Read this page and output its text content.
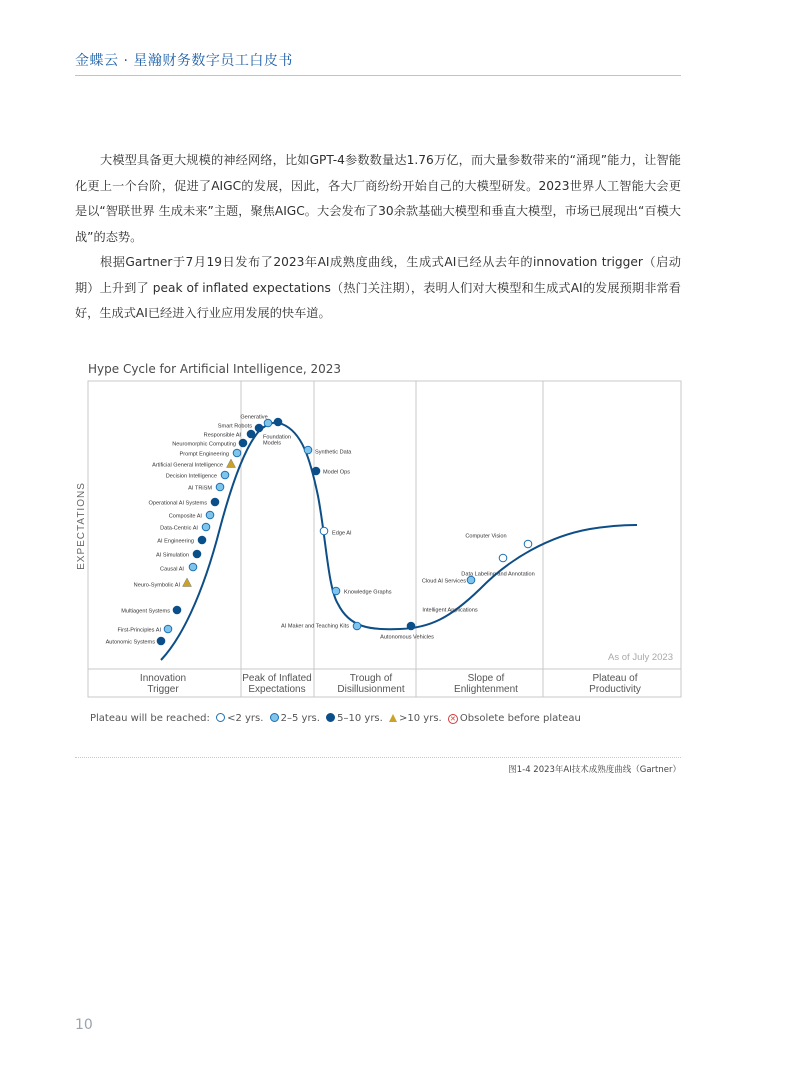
金蝶云 · 星瀚财务数字员工白皮书

大模型具备更大规模的神经网络，比如GPT-4参数数量达1.76万亿，而大量参数带来的“涌现”能力，让智能化更上一个台阶，促进了AIGC的发展，因此，各大厂商纷纷开始自己的大模型研发。2023世界人工智能大会更是以“智联世界 生成未来”主题，聚焦AIGC。大会发布了30余款基础大模型和垂直大模型，市场已展现出“百模大战”的态势。

根据Gartner于7月19日发布了2023年AI成熟度曲线，生成式AI已经从去年的innovation trigger（启动期）上升到了 peak of inflated expectations（热门关注期），表明人们对大模型和生成式AI的发展预期非常看好，生成式AI已经进入行业应用发展的快车道。

Hype Cycle for Artificial Intelligence, 2023
EXPECTATIONS
Autonomic Systems
First-Principles AI
Multiagent Systems
Neuro-Symbolic AI
Causal AI
AI Simulation
AI Engineering
Data-Centric AI
Composite AI
Operational AI Systems
AI TRiSM
Decision Intelligence
Artificial General Intelligence
Prompt Engineering
Neuromorphic Computing
Responsible AI
Smart Robots
Generative
Foundation
Models
Synthetic Data
Model Ops
Edge AI
Knowledge Graphs
AI Maker and Teaching Kits
Autonomous Vehicles
Cloud AI Services
Intelligent Applications
Data Labeling and Annotation
Computer Vision
Innovation
Trigger
Peak of Inflated
Expectations
Trough of
Disillusionment
Slope of
Enlightenment
Plateau of
Productivity
As of July 2023
Plateau will be reached: <2 yrs. 2–5 yrs. 5–10 yrs. >10 yrs. ✕ Obsolete before plateau
图1-4 2023年AI技术成熟度曲线（Gartner）
10
